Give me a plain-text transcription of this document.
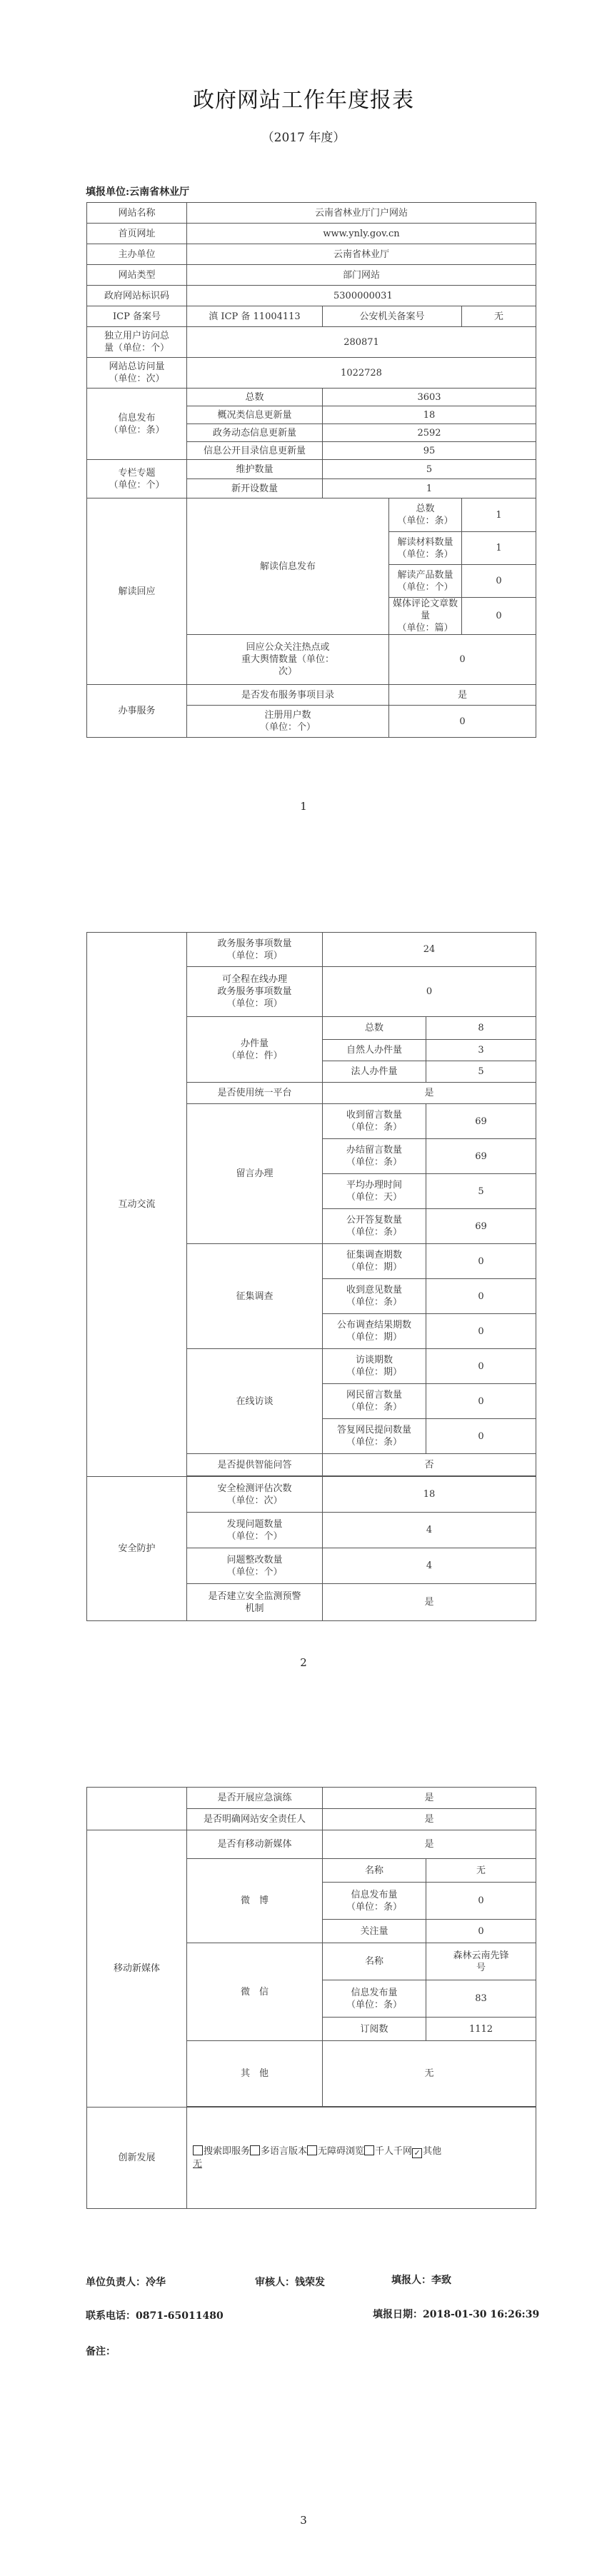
政府网站工作年度报表
（2017 年度）
填报单位:云南省林业厅
网站名称	云南省林业厅门户网站			
首页网址	www.ynly.gov.cn			
主办单位	云南省林业厅			
网站类型	部门网站			
政府网站标识码	5300000031			
ICP 备案号	滇 ICP 备 11004113	公安机关备案号		无

独立用户访问总
量（单位：个）	280871			

网站总访问量
（单位：次）	1022728			

信息发布
（单位：条）	总数	3603		
	概况类信息更新量	18		
	政务动态信息更新量	2592		
	信息公开目录信息更新量	95		

专栏专题
（单位：个）	维护数量	5		
	新开设数量	1		
解读回应	解读信息发布		总数
（单位：条）	1

			解读材料数量
（单位：条）	1

			解读产品数量
（单位：个）	0

			媒体评论文章数量
（单位：篇）	0

	回应公众关注热点或
重大舆情数量（单位：
次）		0	
办事服务	是否发布服务事项目录		是	

	注册用户数
（单位：个）		0	
1
互动交流	政务服务事项数量
（单位：项）	24	

	可全程在线办理
政务服务事项数量
（单位：项）	0	

	办件量
（单位：件）	总数	8
		自然人办件量	3
		法人办件量	5
	是否使用统一平台	是	
	留言办理	收到留言数量
（单位：条）	69

		办结留言数量
（单位：条）	69

		平均办理时间
（单位：天）	5

		公开答复数量
（单位：条）	69
	征集调查	征集调查期数
（单位：期）	0

		收到意见数量
（单位：条）	0

		公布调查结果期数
（单位：期）	0
	在线访谈	访谈期数
（单位：期）	0

		网民留言数量
（单位：条）	0

		答复网民提问数量
（单位：条）	0
	是否提供智能问答	否	

安全防护	安全检测评估次数
（单位：次）	18	

	发现问题数量
（单位：个）	4	

	问题整改数量
（单位：个）	4	

	是否建立安全监测预警
机制	是	
2
	是否开展应急演练	是	
	是否明确网站安全责任人	是	
移动新媒体	是否有移动新媒体	是	
	微　博	名称	无

		信息发布量
（单位：条）	0
		关注量	0
	微　信	名称	森林云南先锋
号

		信息发布量
（单位：条）	83
		订阅数	1112
	其　他	无	

创新发展	搜索即服务 多语言版本 无障碍浏览 千人千网 ✓ 其他
无		
单位负责人：冷华	审核人：钱荣发	填报人：李致
联系电话：0871-65011480	填报日期：2018-01-30 16:26:39
备注：
3
